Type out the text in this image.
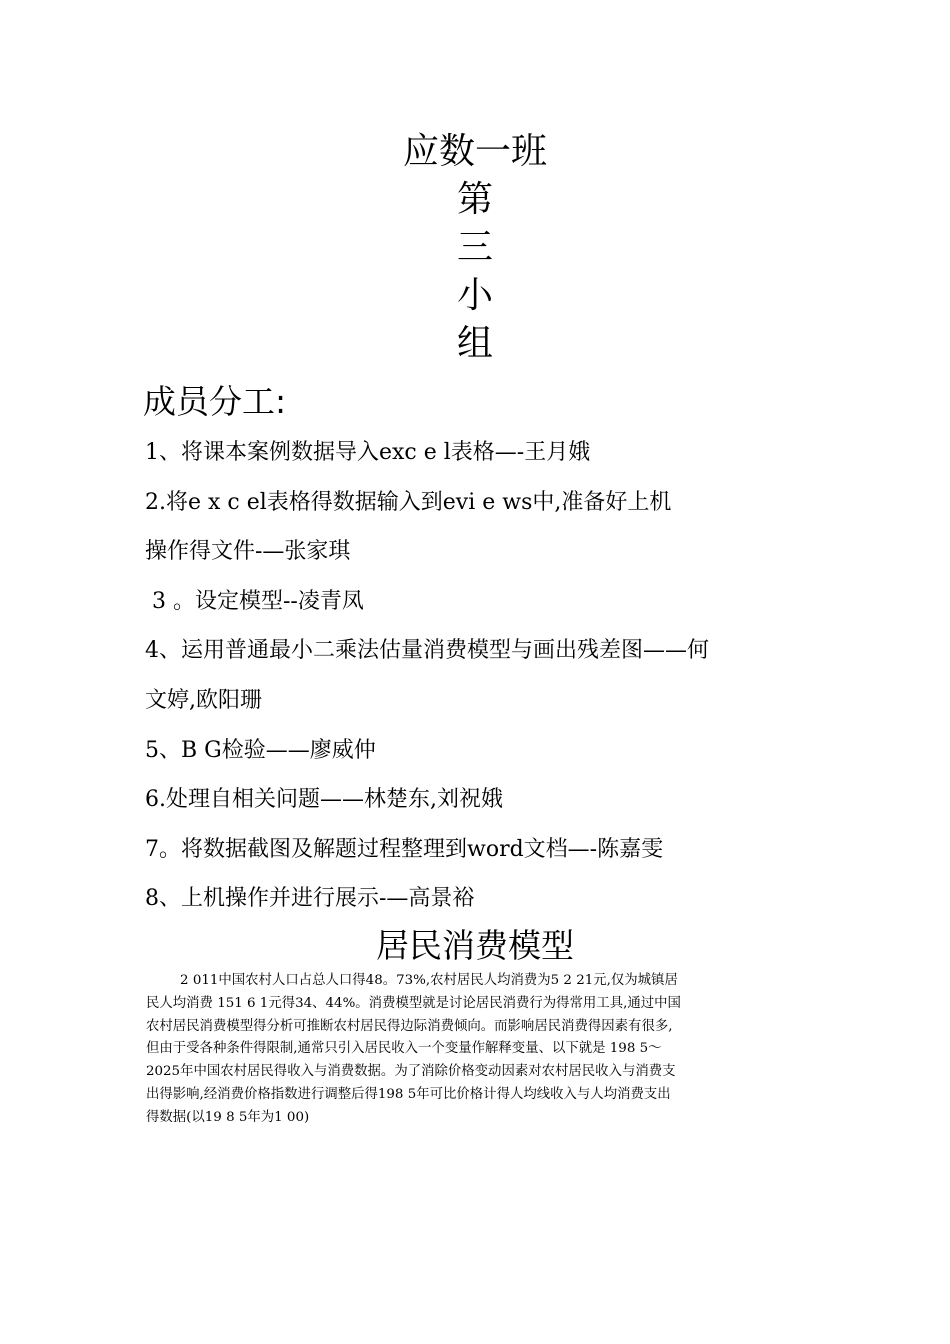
应数一班
第
三
小
组
成员分工:
1、将课本案例数据导入exc e l表格—-王月娥
2.将e x c el表格得数据输入到evi e ws中,准备好上机
操作得文件-—张家琪
3 。设定模型--凌青凤
4、运用普通最小二乘法估量消费模型与画出残差图——何
文婷,欧阳珊
5、B G检验——廖威仲
6.处理自相关问题——林楚东,刘祝娥
7。将数据截图及解题过程整理到word文档—-陈嘉雯
8、上机操作并进行展示-—高景裕
居民消费模型
2 011中国农村人口占总人口得48。73%,农村居民人均消费为5 2 21元,仅为城镇居
民人均消费 151 6 1元得34、44%。消费模型就是讨论居民消费行为得常用工具,通过中国
农村居民消费模型得分析可推断农村居民得边际消费倾向。而影响居民消费得因素有很多,
但由于受各种条件得限制,通常只引入居民收入一个变量作解释变量、以下就是 198 5～
2025年中国农村居民得收入与消费数据。为了消除价格变动因素对农村居民收入与消费支
出得影响,经消费价格指数进行调整后得198 5年可比价格计得人均线收入与人均消费支出
得数据(以19 8 5年为1 00)
